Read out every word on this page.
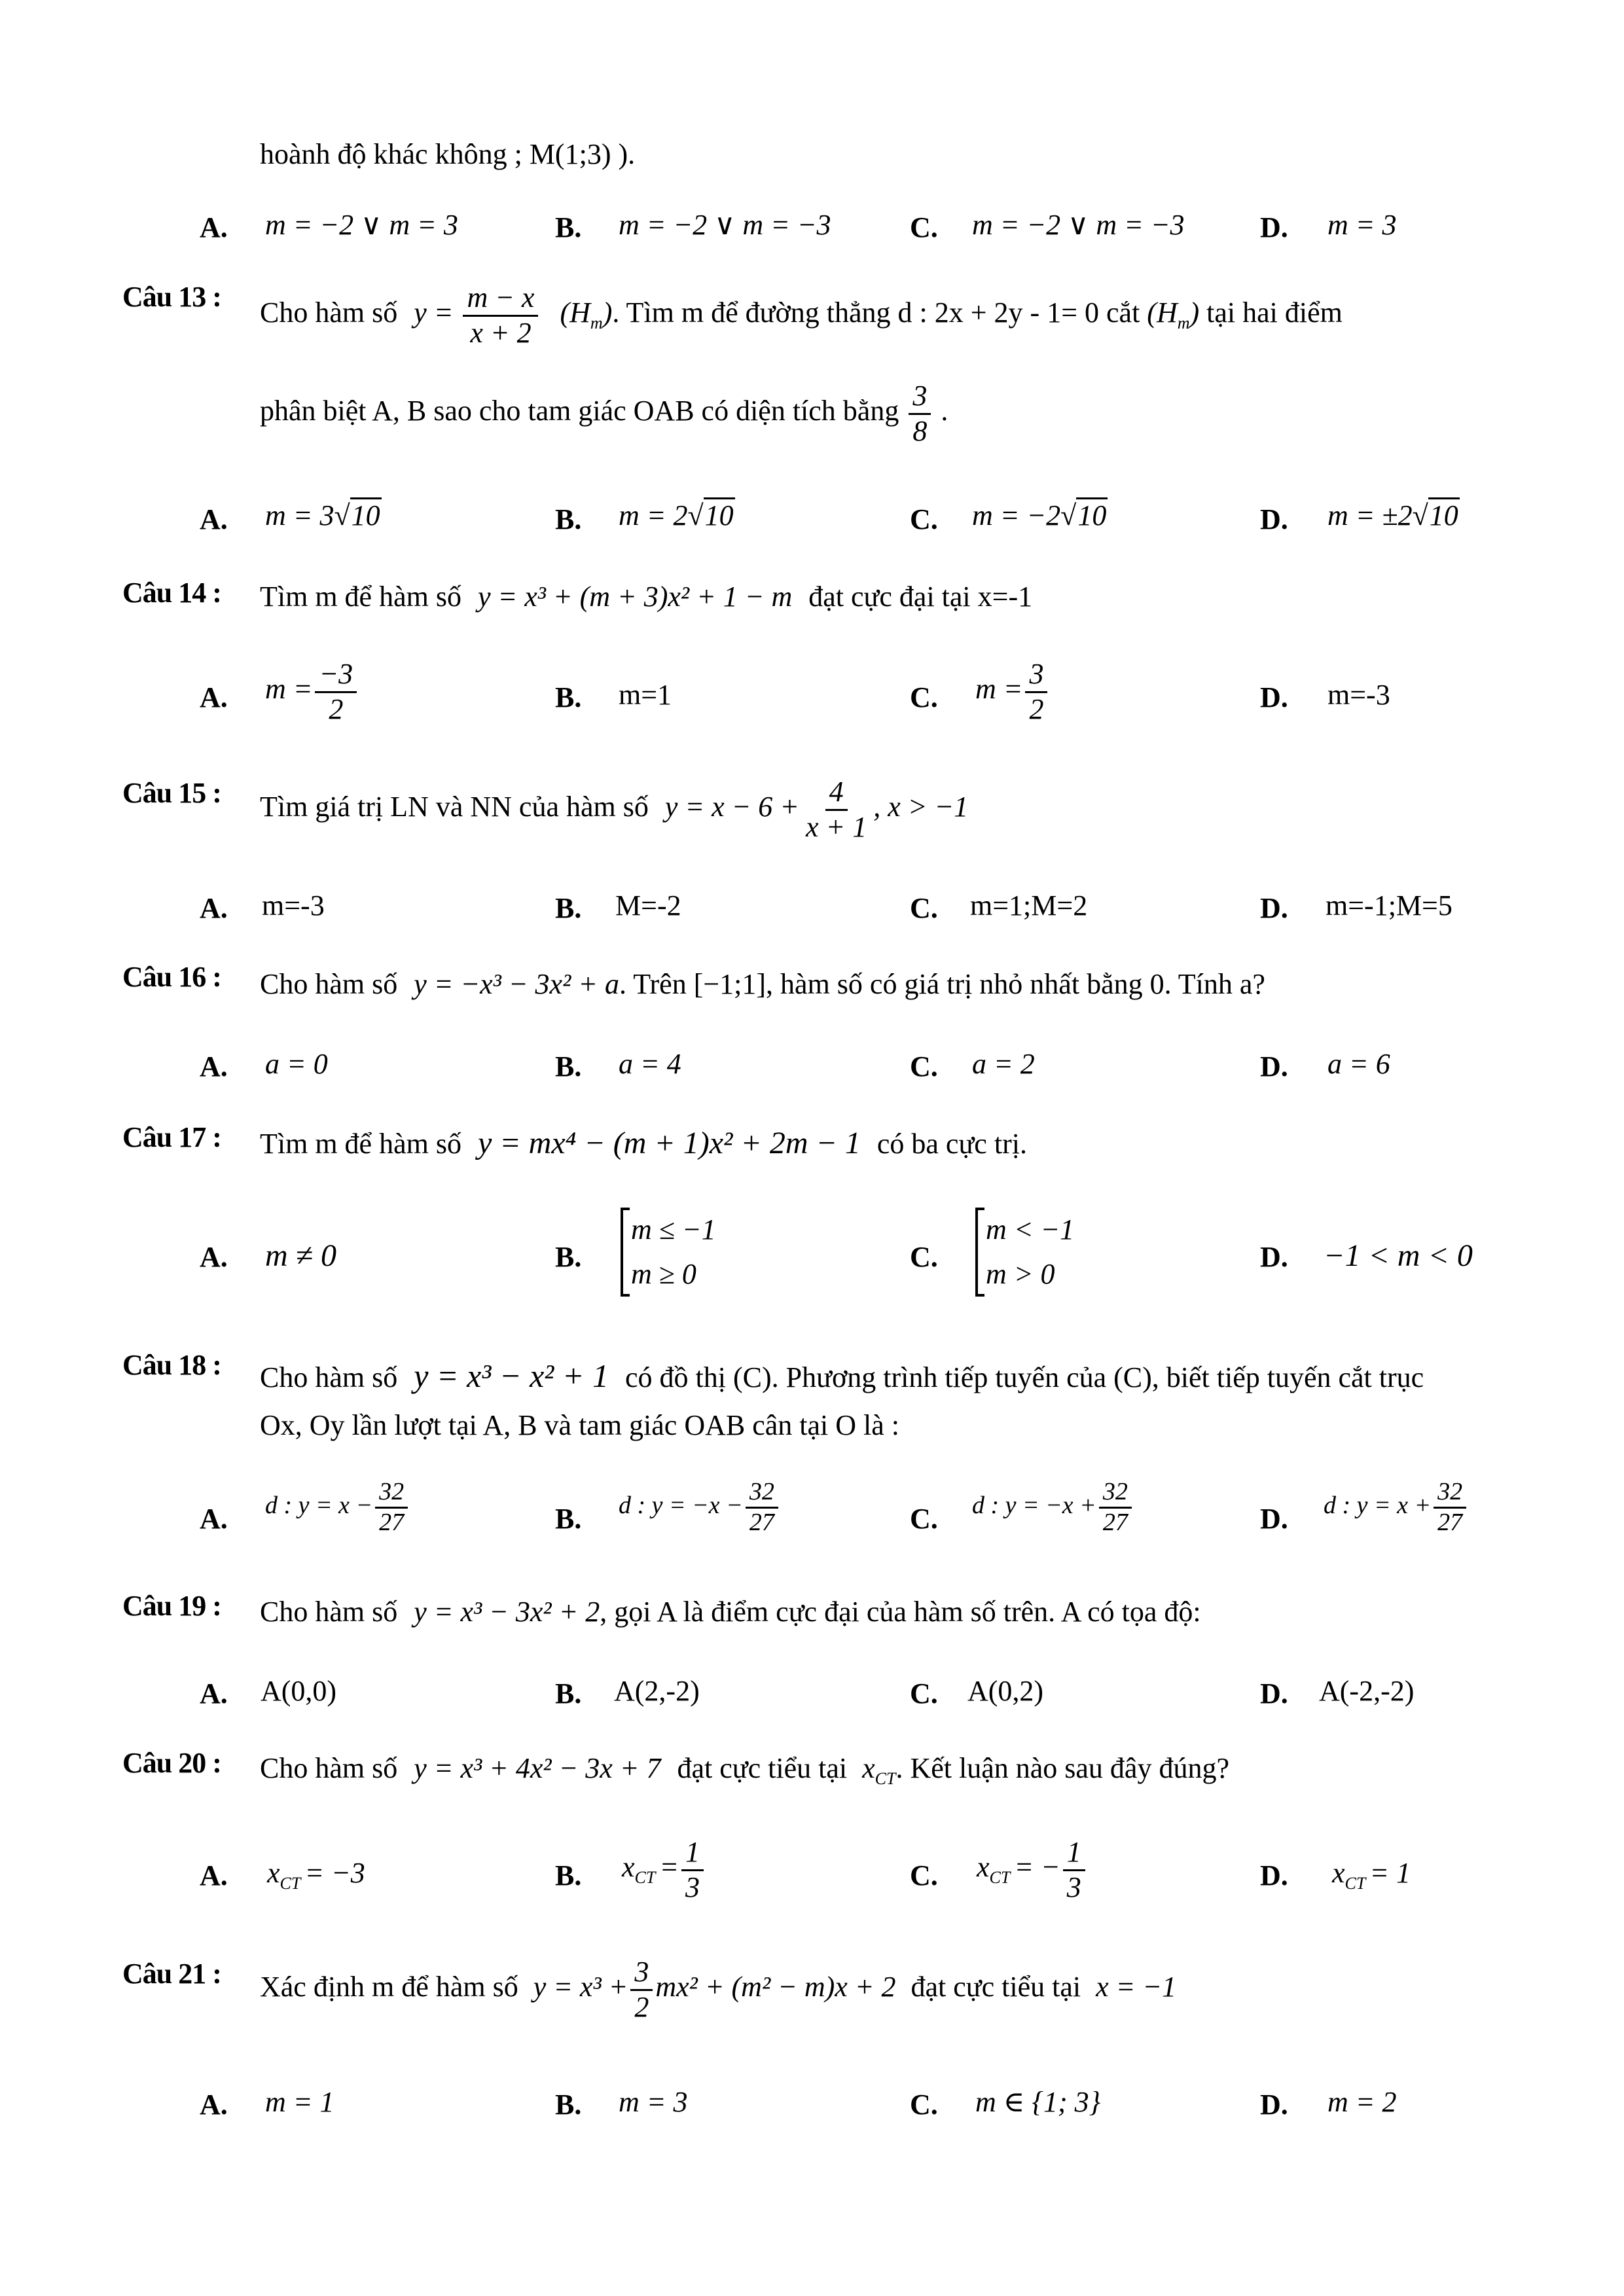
hoành độ khác không ; M(1;3) ).
A. m = −2 ∨ m = 3	B. m = −2 ∨ m = −3	C. m = −2 ∨ m = −3	D. m = 3
Câu 13 : Cho hàm số $y = \frac{m - x}{x + 2} (H_m)$. Tìm m để đường thẳng d : 2x + 2y - 1= 0 cắt $(H_m)$ tại hai điểm
phân biệt A, B sao cho tam giác OAB có diện tích bằng $\frac{3}{8}$ .
A. m = 3√10	B. m = 2√10	C. m = −2√10	D. m = ±2√10
Câu 14 : Tìm m để hàm số y = x³ + (m + 3)x² + 1 − m đạt cực đại tại x=-1
A. $m = \frac{-3}{2}$	B. m=1	C. $m = \frac{3}{2}$	D. m=-3
Câu 15 : Tìm giá trị LN và NN của hàm số $y = x - 6 + \frac{4}{x + 1}$ , x > −1
A. m=-3	B. M=-2	C. m=1;M=2	D. m=-1;M=5
Câu 16 : Cho hàm số y = −x³ − 3x² + a. Trên [−1;1], hàm số có giá trị nhỏ nhất bằng 0. Tính a?
A. a = 0	B. a = 4	C. a = 2	D. a = 6
Câu 17 : Tìm m để hàm số y = mx⁴ − (m + 1)x² + 2m − 1 có ba cực trị.
A. m ≠ 0	B.
m ≤ −1
m ≥ 0
C.
m < −1
m > 0
D. −1 < m < 0
Câu 18 : Cho hàm số y = x³ − x² + 1 có đồ thị (C). Phương trình tiếp tuyến của (C), biết tiếp tuyến cắt trục
Ox, Oy lần lượt tại A, B và tam giác OAB cân tại O là :
A. d : $y = x - \frac{32}{27}$	B. d : $y = -x - \frac{32}{27}$	C. d : $y = -x + \frac{32}{27}$	D. d : $y = x + \frac{32}{27}$
Câu 19 : Cho hàm số y = x³ − 3x² + 2, gọi A là điểm cực đại của hàm số trên. A có tọa độ:
A. A(0,0)	B. A(2,-2)	C. A(0,2)	D. A(-2,-2)
Câu 20 : Cho hàm số y = x³ + 4x² − 3x + 7 đạt cực tiểu tại $x_{CT}$. Kết luận nào sau đây đúng?
A. $x_{CT} = -3$	B. $x_{CT} = \frac{1}{3}$	C. $x_{CT}$ = − $\frac{1}{3}$	D. $x_{CT} = 1$
Câu 21 : Xác định m để hàm số $y = x^3 + \frac{3}{2} mx^2 + (m^2 - m)x + 2$ đạt cực tiểu tại x = −1
A. m = 1	B. m = 3	C. m ∈ {1; 3}	D. m = 2
